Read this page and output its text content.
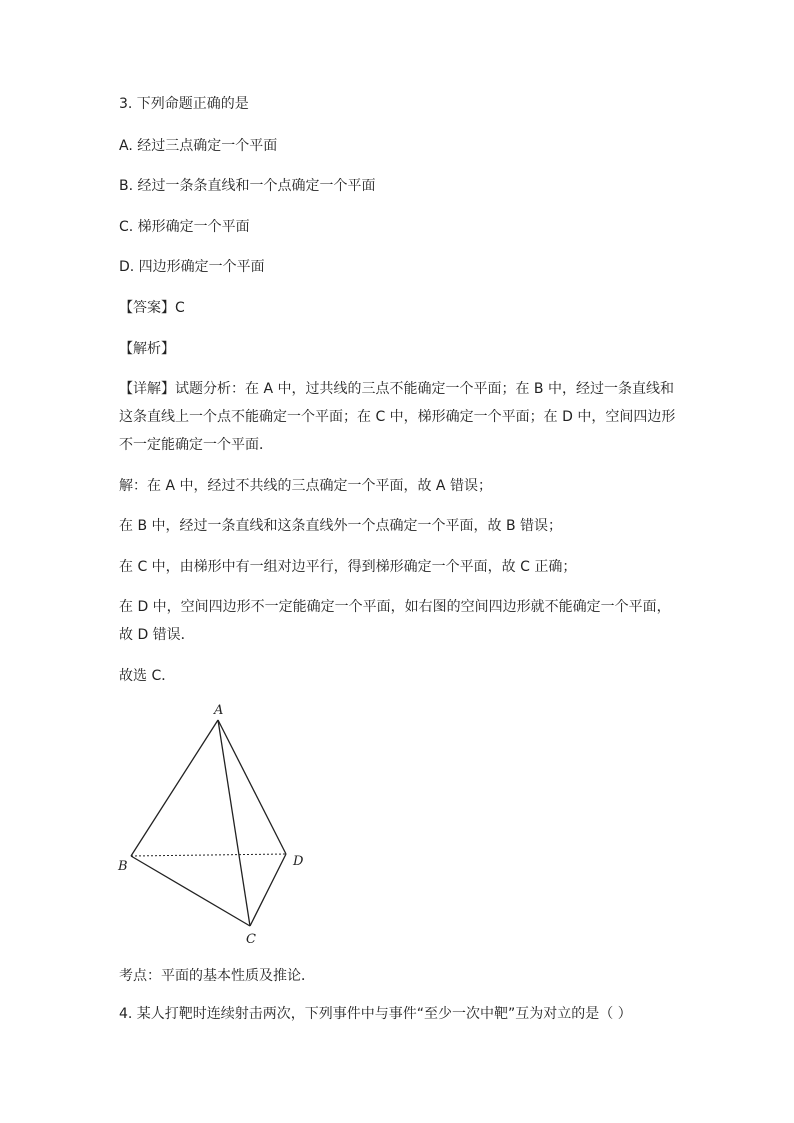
3. 下列命题正确的是
A. 经过三点确定一个平面
B. 经过一条条直线和一个点确定一个平面
C. 梯形确定一个平面
D. 四边形确定一个平面
【答案】C
【解析】
【详解】试题分析：在 A 中，过共线的三点不能确定一个平面；在 B 中，经过一条直线和
这条直线上一个点不能确定一个平面；在 C 中，梯形确定一个平面；在 D 中，空间四边形
不一定能确定一个平面．
解：在 A 中，经过不共线的三点确定一个平面，故 A 错误；
在 B 中，经过一条直线和这条直线外一个点确定一个平面，故 B 错误；
在 C 中，由梯形中有一组对边平行，得到梯形确定一个平面，故 C 正确；
在 D 中，空间四边形不一定能确定一个平面，如右图的空间四边形就不能确定一个平面，
故 D 错误．
故选 C．
A
B
C
D
考点：平面的基本性质及推论．
4. 某人打靶时连续射击两次，下列事件中与事件“至少一次中靶”互为对立的是（ ）
